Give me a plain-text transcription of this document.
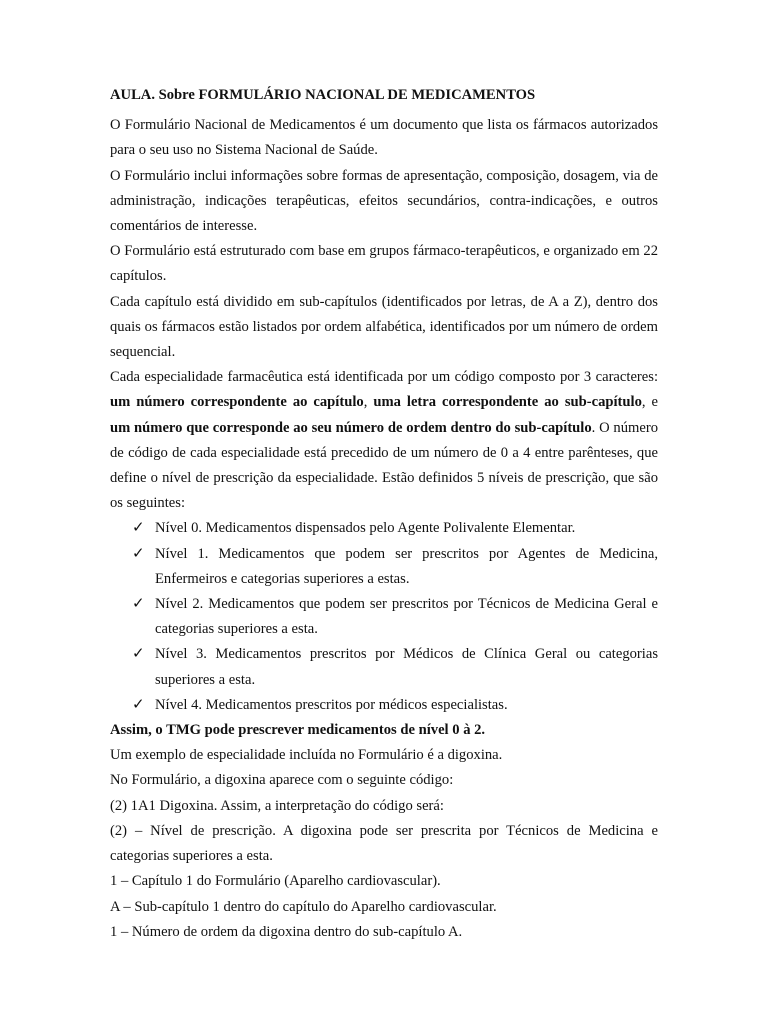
AULA. Sobre FORMULÁRIO NACIONAL DE MEDICAMENTOS

O Formulário Nacional de Medicamentos é um documento que lista os fármacos autorizados para o seu uso no Sistema Nacional de Saúde.

O Formulário inclui informações sobre formas de apresentação, composição, dosagem, via de administração, indicações terapêuticas, efeitos secundários, contra-indicações, e outros comentários de interesse.

O Formulário está estruturado com base em grupos fármaco-terapêuticos, e organizado em 22 capítulos.

Cada capítulo está dividido em sub-capítulos (identificados por letras, de A a Z), dentro dos quais os fármacos estão listados por ordem alfabética, identificados por um número de ordem sequencial.

Cada especialidade farmacêutica está identificada por um código composto por 3 caracteres: um número correspondente ao capítulo, uma letra correspondente ao sub-capítulo, e um número que corresponde ao seu número de ordem dentro do sub-capítulo. O número de código de cada especialidade está precedido de um número de 0 a 4 entre parênteses, que define o nível de prescrição da especialidade. Estão definidos 5 níveis de prescrição, que são os seguintes:

✓ Nível 0. Medicamentos dispensados pelo Agente Polivalente Elementar.
✓ Nível 1. Medicamentos que podem ser prescritos por Agentes de Medicina, Enfermeiros e categorias superiores a estas.
✓ Nível 2. Medicamentos que podem ser prescritos por Técnicos de Medicina Geral e categorias superiores a esta.
✓ Nível 3. Medicamentos prescritos por Médicos de Clínica Geral ou categorias superiores a esta.
✓ Nível 4. Medicamentos prescritos por médicos especialistas.

Assim, o TMG pode prescrever medicamentos de nível 0 à 2.

Um exemplo de especialidade incluída no Formulário é a digoxina.

No Formulário, a digoxina aparece com o seguinte código:

(2) 1A1 Digoxina. Assim, a interpretação do código será:

(2) – Nível de prescrição. A digoxina pode ser prescrita por Técnicos de Medicina e categorias superiores a esta.

1 – Capítulo 1 do Formulário (Aparelho cardiovascular).

A – Sub-capítulo 1 dentro do capítulo do Aparelho cardiovascular.

1 – Número de ordem da digoxina dentro do sub-capítulo A.
